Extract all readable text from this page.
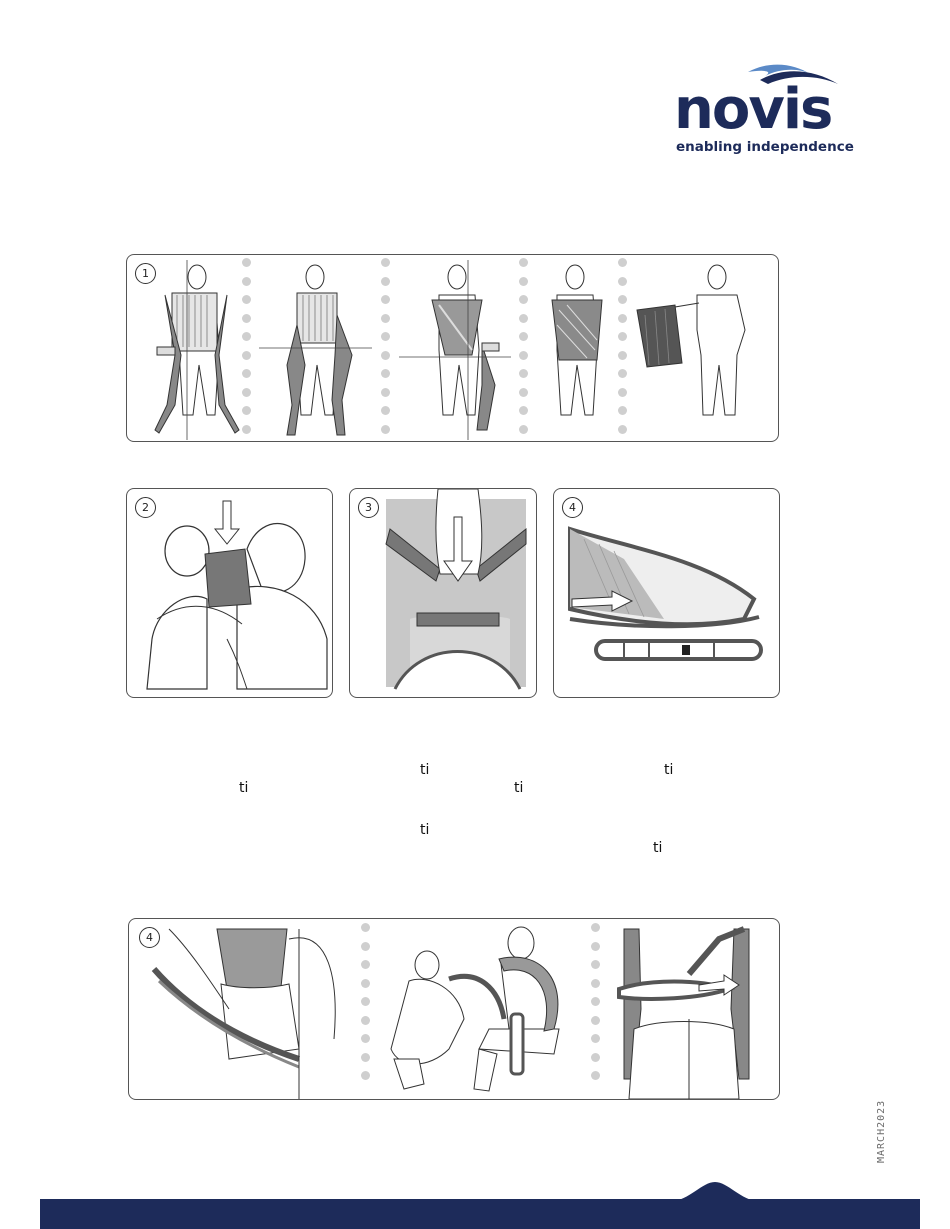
novis
enabling independence
1
2	3	4
ti	ti
ti	ti
ti
ti
4
MARCH2023
